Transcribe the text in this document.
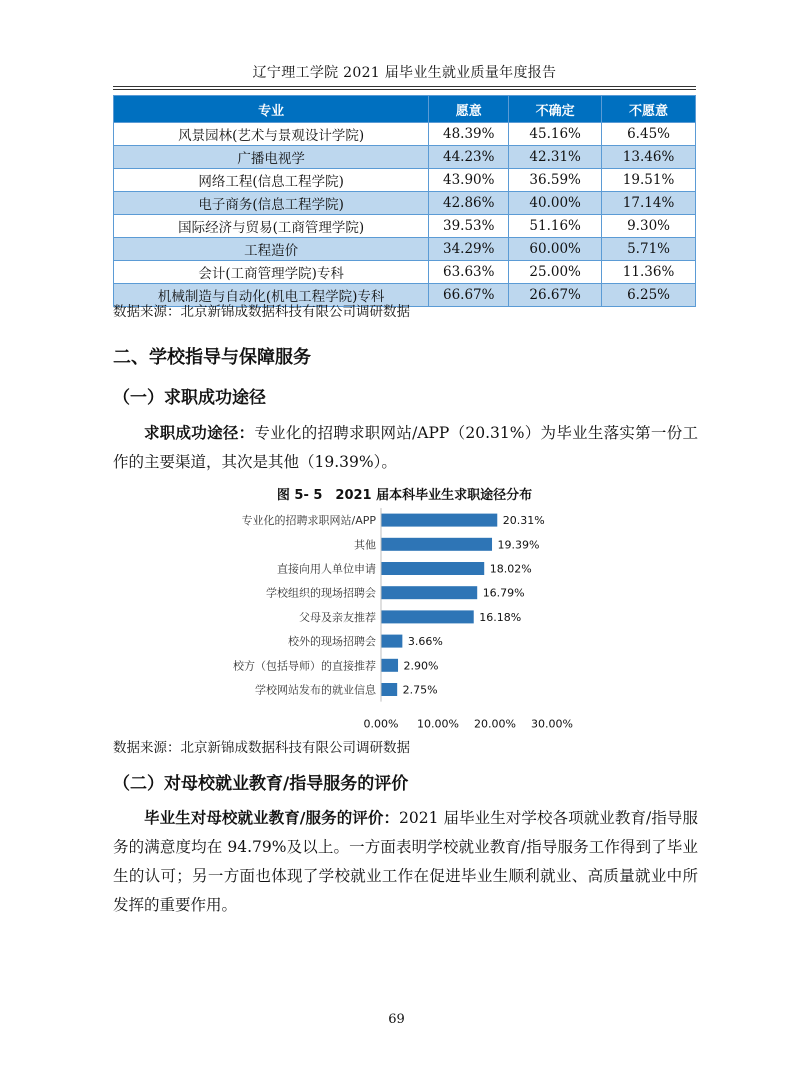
辽宁理工学院 2021 届毕业生就业质量年度报告
专业	愿意	不确定	不愿意
风景园林(艺术与景观设计学院)	48.39%	45.16%	6.45%
广播电视学	44.23%	42.31%	13.46%
网络工程(信息工程学院)	43.90%	36.59%	19.51%
电子商务(信息工程学院)	42.86%	40.00%	17.14%
国际经济与贸易(工商管理学院)	39.53%	51.16%	9.30%
工程造价	34.29%	60.00%	5.71%
会计(工商管理学院)专科	63.63%	25.00%	11.36%
机械制造与自动化(机电工程学院)专科	66.67%	26.67%	6.25%
数据来源：北京新锦成数据科技有限公司调研数据
二、学校指导与保障服务
（一）求职成功途径
求职成功途径：专业化的招聘求职网站/APP（20.31%）为毕业生落实第一份工作的主要渠道，其次是其他（19.39%）。
图 5- 5　2021 届本科毕业生求职途径分布
专业化的招聘求职网站/APP	20.31%
其他	19.39%
直接向用人单位申请	18.02%
学校组织的现场招聘会	16.79%
父母及亲友推荐	16.18%
校外的现场招聘会	3.66%
校方（包括导师）的直接推荐	2.90%
学校网站发布的就业信息 2.75%
0.00% 10.00% 20.00% 30.00%
数据来源：北京新锦成数据科技有限公司调研数据
（二）对母校就业教育/指导服务的评价
毕业生对母校就业教育/服务的评价：2021 届毕业生对学校各项就业教育/指导服务的满意度均在 94.79%及以上。一方面表明学校就业教育/指导服务工作得到了毕业生的认可；另一方面也体现了学校就业工作在促进毕业生顺利就业、高质量就业中所发挥的重要作用。
69
